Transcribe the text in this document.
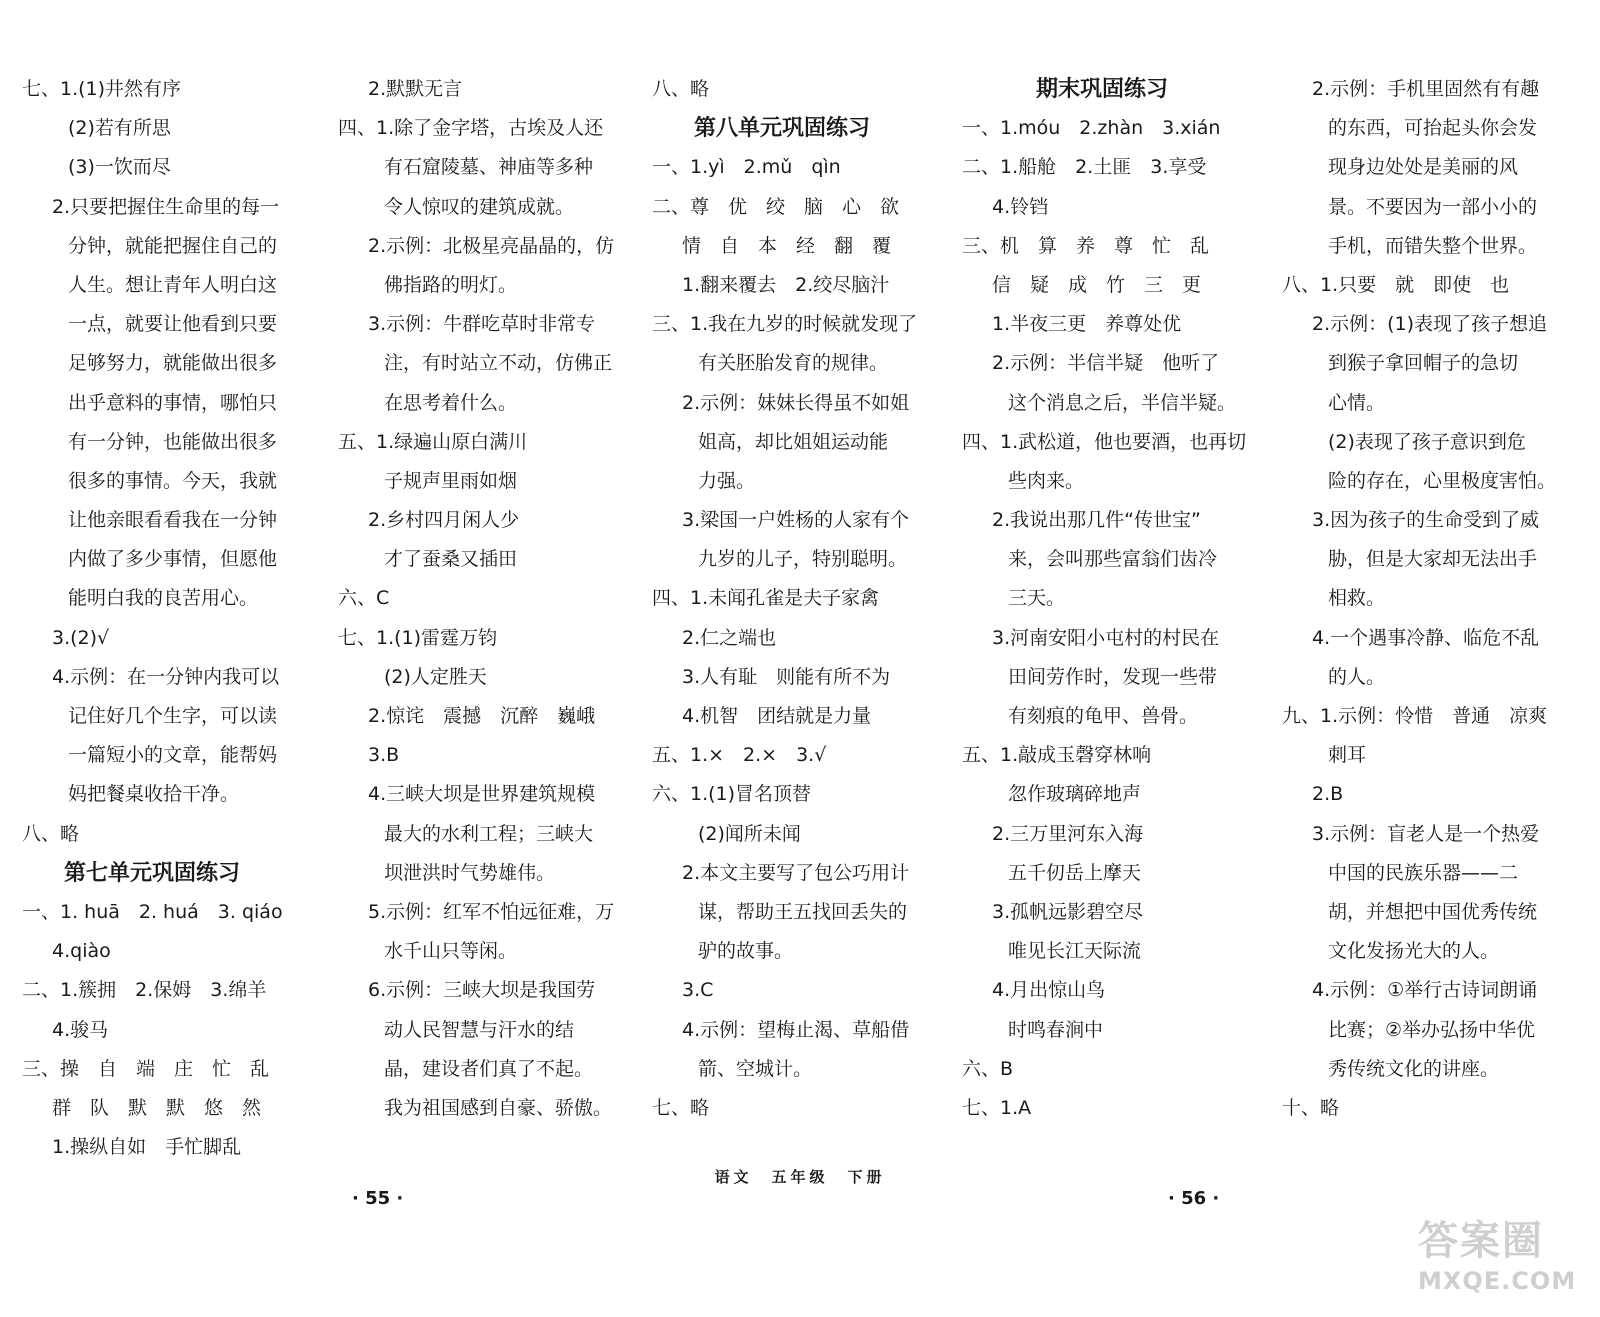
七、1.(1)井然有序
(2)若有所思
(3)一饮而尽
2.只要把握住生命里的每一
分钟，就能把握住自己的
人生。想让青年人明白这
一点，就要让他看到只要
足够努力，就能做出很多
出乎意料的事情，哪怕只
有一分钟，也能做出很多
很多的事情。今天，我就
让他亲眼看看我在一分钟
内做了多少事情，但愿他
能明白我的良苦用心。
3.(2)√
4.示例：在一分钟内我可以
记住好几个生字，可以读
一篇短小的文章，能帮妈
妈把餐桌收拾干净。
八、略
第七单元巩固练习
一、1. huā　2. huá　3. qiáo
4.qiào
二、1.簇拥　2.保姆　3.绵羊
4.骏马
三、操　自　端　庄　忙　乱
群　队　默　默　悠　然
1.操纵自如　手忙脚乱
2.默默无言
四、1.除了金字塔，古埃及人还
有石窟陵墓、神庙等多种
令人惊叹的建筑成就。
2.示例：北极星亮晶晶的，仿
佛指路的明灯。
3.示例：牛群吃草时非常专
注，有时站立不动，仿佛正
在思考着什么。
五、1.绿遍山原白满川
子规声里雨如烟
2.乡村四月闲人少
才了蚕桑又插田
六、C
七、1.(1)雷霆万钧
(2)人定胜天
2.惊诧　震撼　沉醉　巍峨
3.B
4.三峡大坝是世界建筑规模
最大的水利工程；三峡大
坝泄洪时气势雄伟。
5.示例：红军不怕远征难，万
水千山只等闲。
6.示例：三峡大坝是我国劳
动人民智慧与汗水的结
晶，建设者们真了不起。
我为祖国感到自豪、骄傲。
八、略
第八单元巩固练习
一、1.yì　2.mǔ　qìn
二、尊　优　绞　脑　心　欲
情　自　本　经　翻　覆
1.翻来覆去　2.绞尽脑汁
三、1.我在九岁的时候就发现了
有关胚胎发育的规律。
2.示例：妹妹长得虽不如姐
姐高，却比姐姐运动能
力强。
3.梁国一户姓杨的人家有个
九岁的儿子，特别聪明。
四、1.未闻孔雀是夫子家禽
2.仁之端也
3.人有耻　则能有所不为
4.机智　团结就是力量
五、1.×　2.×　3.√
六、1.(1)冒名顶替
(2)闻所未闻
2.本文主要写了包公巧用计
谋，帮助王五找回丢失的
驴的故事。
3.C
4.示例：望梅止渴、草船借
箭、空城计。
七、略
期末巩固练习
一、1.móu　2.zhàn　3.xián
二、1.船舱　2.土匪　3.享受
4.铃铛
三、机　算　养　尊　忙　乱
信　疑　成　竹　三　更
1.半夜三更　养尊处优
2.示例：半信半疑　他听了
这个消息之后，半信半疑。
四、1.武松道，他也要酒，也再切
些肉来。
2.我说出那几件“传世宝”
来，会叫那些富翁们齿冷
三天。
3.河南安阳小屯村的村民在
田间劳作时，发现一些带
有刻痕的龟甲、兽骨。
五、1.敲成玉磬穿林响
忽作玻璃碎地声
2.三万里河东入海
五千仞岳上摩天
3.孤帆远影碧空尽
唯见长江天际流
4.月出惊山鸟
时鸣春涧中
六、B
七、1.A
2.示例：手机里固然有有趣
的东西，可抬起头你会发
现身边处处是美丽的风
景。不要因为一部小小的
手机，而错失整个世界。
八、1.只要　就　即使　也
2.示例：(1)表现了孩子想追
到猴子拿回帽子的急切
心情。
(2)表现了孩子意识到危
险的存在，心里极度害怕。
3.因为孩子的生命受到了威
胁，但是大家却无法出手
相救。
4.一个遇事冷静、临危不乱
的人。
九、1.示例：怜惜　普通　凉爽
刺耳
2.B
3.示例：盲老人是一个热爱
中国的民族乐器——二
胡，并想把中国优秀传统
文化发扬光大的人。
4.示例：①举行古诗词朗诵
比赛；②举办弘扬中华优
秀传统文化的讲座。
十、略
· 55 ·
语文　五年级　下册
· 56 ·
答案圈
MXQE.COM
